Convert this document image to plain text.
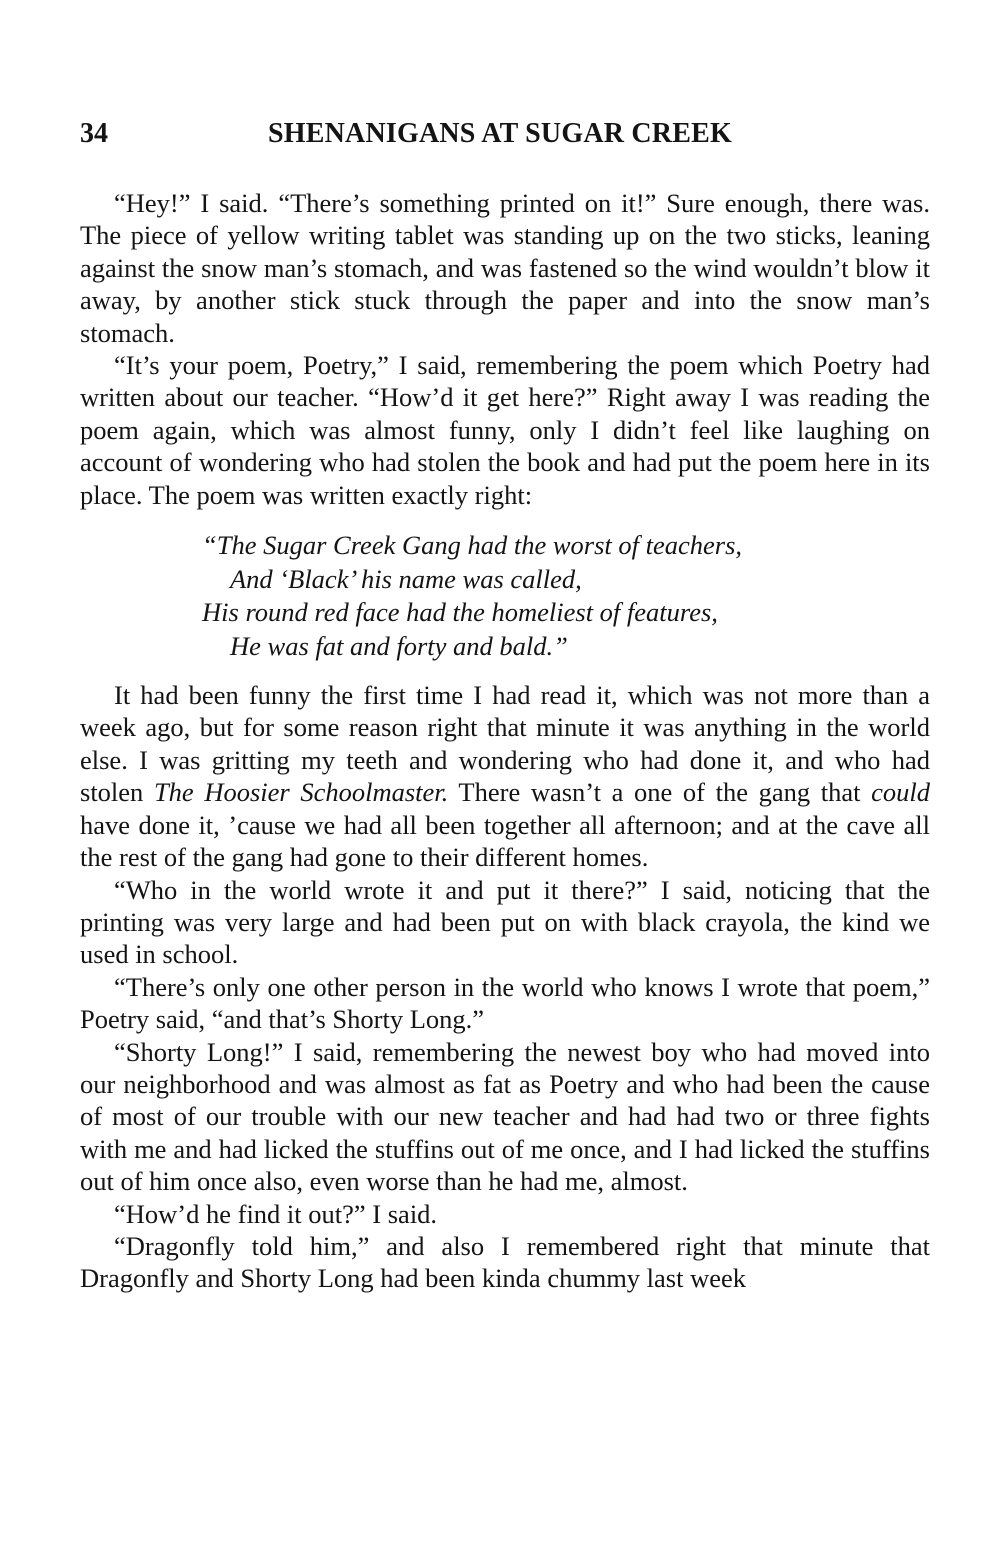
34	SHENANIGANS AT SUGAR CREEK

“Hey!” I said. “There’s something printed on it!” Sure enough, there was. The piece of yellow writing tablet was standing up on the two sticks, leaning against the snow man’s stomach, and was fastened so the wind wouldn’t blow it away, by another stick stuck through the paper and into the snow man’s stomach.

“It’s your poem, Poetry,” I said, remembering the poem which Poetry had written about our teacher. “How’d it get here?” Right away I was reading the poem again, which was almost funny, only I didn’t feel like laughing on account of wondering who had stolen the book and had put the poem here in its place. The poem was written exactly right:

“The Sugar Creek Gang had the worst of teachers,
And ‘Black’ his name was called,
His round red face had the homeliest of features,
He was fat and forty and bald.”

It had been funny the first time I had read it, which was not more than a week ago, but for some reason right that minute it was anything in the world else. I was gritting my teeth and wondering who had done it, and who had stolen The Hoosier Schoolmaster. There wasn’t a one of the gang that could have done it, ’cause we had all been together all afternoon; and at the cave all the rest of the gang had gone to their different homes.

“Who in the world wrote it and put it there?” I said, noticing that the printing was very large and had been put on with black crayola, the kind we used in school.

“There’s only one other person in the world who knows I wrote that poem,” Poetry said, “and that’s Shorty Long.”

“Shorty Long!” I said, remembering the newest boy who had moved into our neighborhood and was almost as fat as Poetry and who had been the cause of most of our trouble with our new teacher and had had two or three fights with me and had licked the stuffins out of me once, and I had licked the stuffins out of him once also, even worse than he had me, almost.

“How’d he find it out?” I said.

“Dragonfly told him,” and also I remembered right that minute that Dragonfly and Shorty Long had been kinda chummy last week
